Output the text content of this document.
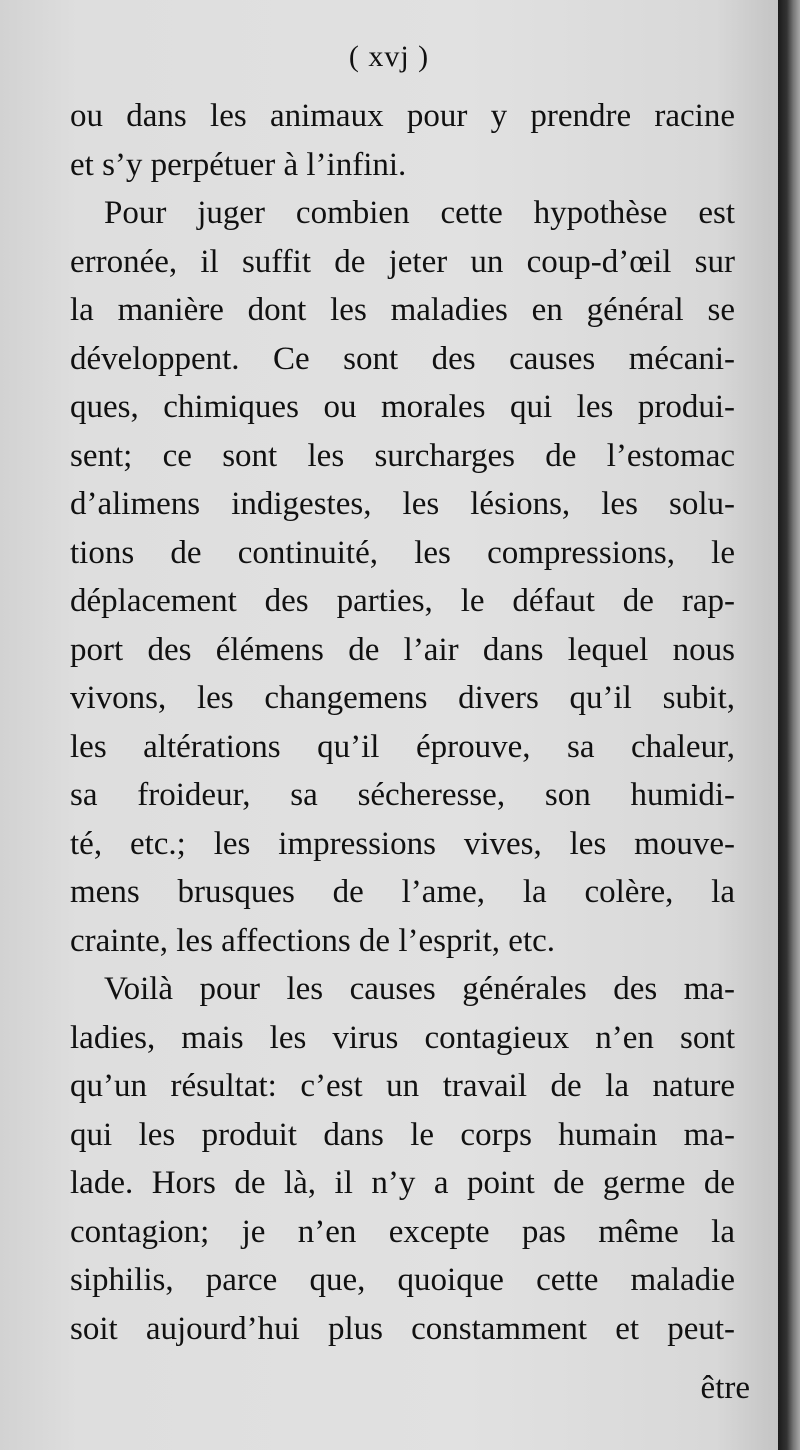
( xvj )
ou dans les animaux pour y prendre racine
et s’y perpétuer à l’infini.
Pour juger combien cette hypothèse est
erronée, il suffit de jeter un coup-d’œil sur
la manière dont les maladies en général se
développent. Ce sont des causes mécani-
ques, chimiques ou morales qui les produi-
sent; ce sont les surcharges de l’estomac
d’alimens indigestes, les lésions, les solu-
tions de continuité, les compressions, le
déplacement des parties, le défaut de rap-
port des élémens de l’air dans lequel nous
vivons, les changemens divers qu’il subit,
les altérations qu’il éprouve, sa chaleur,
sa froideur, sa sécheresse, son humidi-
té, etc.; les impressions vives, les mouve-
mens brusques de l’ame, la colère, la
crainte, les affections de l’esprit, etc.
Voilà pour les causes générales des ma-
ladies, mais les virus contagieux n’en sont
qu’un résultat: c’est un travail de la nature
qui les produit dans le corps humain ma-
lade. Hors de là, il n’y a point de germe de
contagion; je n’en excepte pas même la
siphilis, parce que, quoique cette maladie
soit aujourd’hui plus constamment et peut-
être
